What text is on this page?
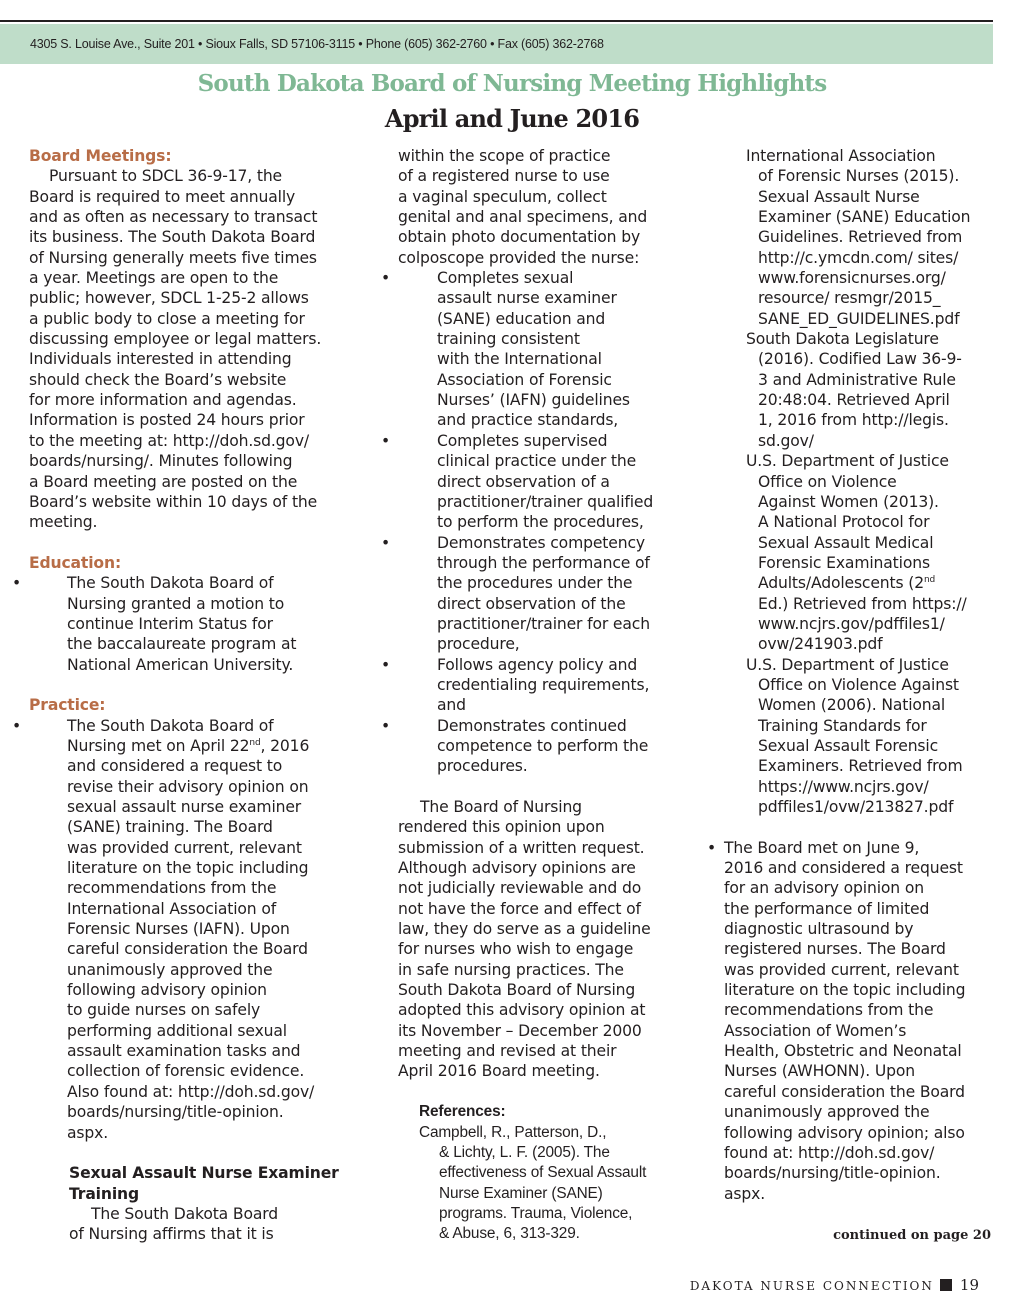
4305 S. Louise Ave., Suite 201 • Sioux Falls, SD 57106-3115 • Phone (605) 362-2760 • Fax (605) 362-2768
South Dakota Board of Nursing Meeting Highlights
April and June 2016
Board Meetings:
Pursuant to SDCL 36-9-17, the
Board is required to meet annually
and as often as necessary to transact
its business. The South Dakota Board
of Nursing generally meets five times
a year. Meetings are open to the
public; however, SDCL 1-25-2 allows
a public body to close a meeting for
discussing employee or legal matters.
Individuals interested in attending
should check the Board’s website
for more information and agendas.
Information is posted 24 hours prior
to the meeting at: http://doh.sd.gov/
boards/nursing/. Minutes following
a Board meeting are posted on the
Board’s website within 10 days of the
meeting.
Education:
• The South Dakota Board of
Nursing granted a motion to
continue Interim Status for
the baccalaureate program at
National American University.
Practice:
• The South Dakota Board of
Nursing met on April 22nd, 2016
and considered a request to
revise their advisory opinion on
sexual assault nurse examiner
(SANE) training. The Board
was provided current, relevant
literature on the topic including
recommendations from the
International Association of
Forensic Nurses (IAFN). Upon
careful consideration the Board
unanimously approved the
following advisory opinion
to guide nurses on safely
performing additional sexual
assault examination tasks and
collection of forensic evidence.
Also found at: http://doh.sd.gov/
boards/nursing/title-opinion.
aspx.
Sexual Assault Nurse Examiner
Training
The South Dakota Board
of Nursing affirms that it is
within the scope of practice
of a registered nurse to use
a vaginal speculum, collect
genital and anal specimens, and
obtain photo documentation by
colposcope provided the nurse:
• Completes sexual
assault nurse examiner
(SANE) education and
training consistent
with the International
Association of Forensic
Nurses’ (IAFN) guidelines
and practice standards,
• Completes supervised
clinical practice under the
direct observation of a
practitioner/trainer qualified
to perform the procedures,
• Demonstrates competency
through the performance of
the procedures under the
direct observation of the
practitioner/trainer for each
procedure,
• Follows agency policy and
credentialing requirements,
and
• Demonstrates continued
competence to perform the
procedures.
The Board of Nursing
rendered this opinion upon
submission of a written request.
Although advisory opinions are
not judicially reviewable and do
not have the force and effect of
law, they do serve as a guideline
for nurses who wish to engage
in safe nursing practices. The
South Dakota Board of Nursing
adopted this advisory opinion at
its November – December 2000
meeting and revised at their
April 2016 Board meeting.
References:
Campbell, R., Patterson, D.,
& Lichty, L. F. (2005). The
effectiveness of Sexual Assault
Nurse Examiner (SANE)
programs. Trauma, Violence,
& Abuse, 6, 313-329.
International Association
of Forensic Nurses (2015).
Sexual Assault Nurse
Examiner (SANE) Education
Guidelines. Retrieved from
http://c.ymcdn.com/ sites/
www.forensicnurses.org/
resource/ resmgr/2015_
SANE_ED_GUIDELINES.pdf
South Dakota Legislature
(2016). Codified Law 36-9-
3 and Administrative Rule
20:48:04. Retrieved April
1, 2016 from http://legis.
sd.gov/
U.S. Department of Justice
Office on Violence
Against Women (2013).
A National Protocol for
Sexual Assault Medical
Forensic Examinations
Adults/Adolescents (2nd
Ed.) Retrieved from https://
www.ncjrs.gov/pdffiles1/
ovw/241903.pdf
U.S. Department of Justice
Office on Violence Against
Women (2006). National
Training Standards for
Sexual Assault Forensic
Examiners. Retrieved from
https://www.ncjrs.gov/
pdffiles1/ovw/213827.pdf
• The Board met on June 9,
2016 and considered a request
for an advisory opinion on
the performance of limited
diagnostic ultrasound by
registered nurses. The Board
was provided current, relevant
literature on the topic including
recommendations from the
Association of Women’s
Health, Obstetric and Neonatal
Nurses (AWHONN). Upon
careful consideration the Board
unanimously approved the
following advisory opinion; also
found at: http://doh.sd.gov/
boards/nursing/title-opinion.
aspx.
continued on page 20
DAKOTA NURSE CONNECTION 19
